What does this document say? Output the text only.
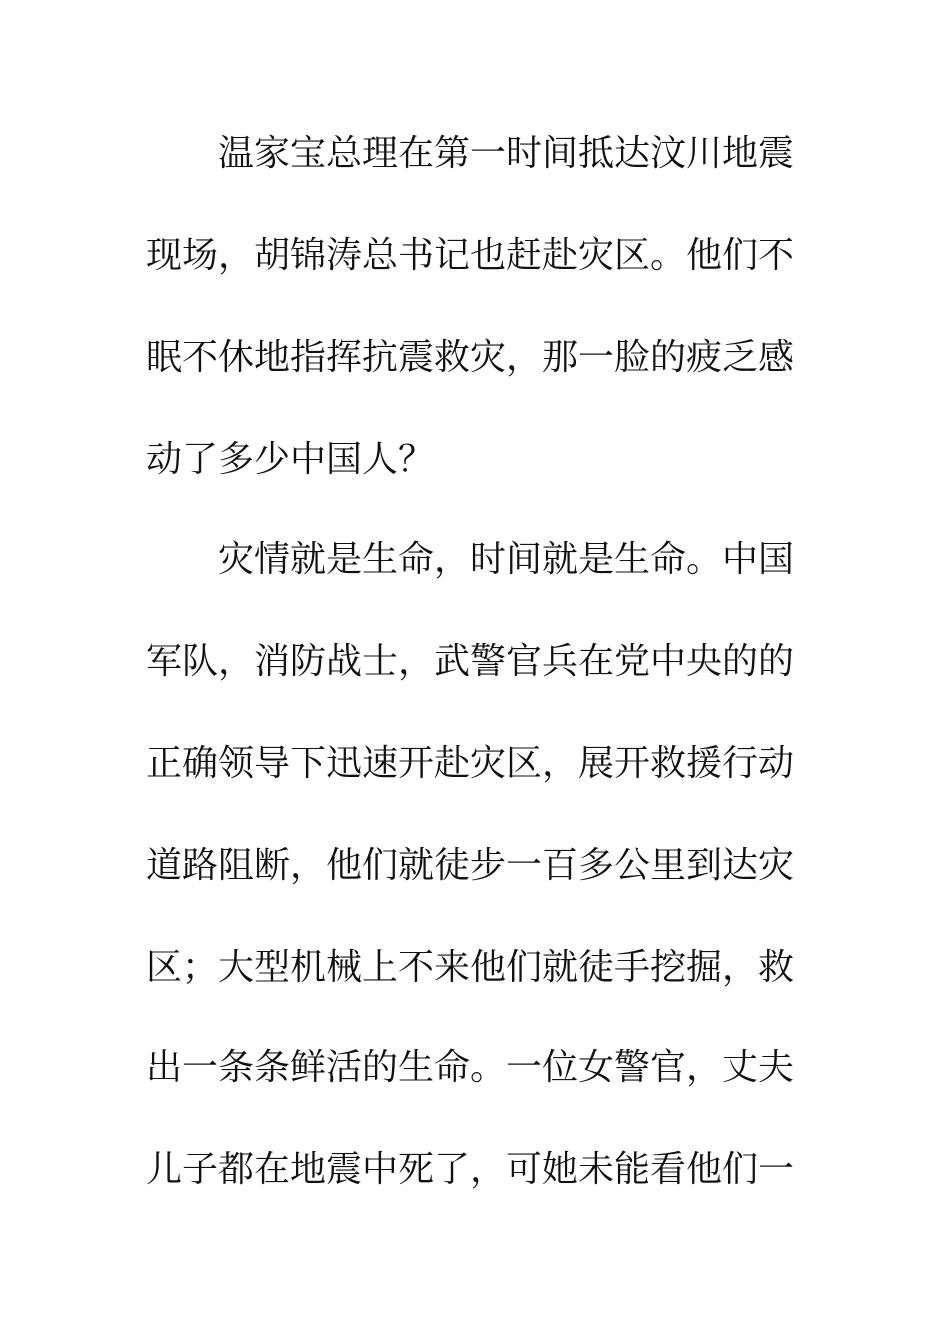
温家宝总理在第一时间抵达汶川地震
现场，胡锦涛总书记也赶赴灾区。他们不
眠不休地指挥抗震救灾，那一脸的疲乏感
动了多少中国人？
灾情就是生命，时间就是生命。中国
军队，消防战士，武警官兵在党中央的的
正确领导下迅速开赴灾区，展开救援行动
道路阻断，他们就徒步一百多公里到达灾
区；大型机械上不来他们就徒手挖掘，救
出一条条鲜活的生命。一位女警官，丈夫
儿子都在地震中死了，可她未能看他们一
